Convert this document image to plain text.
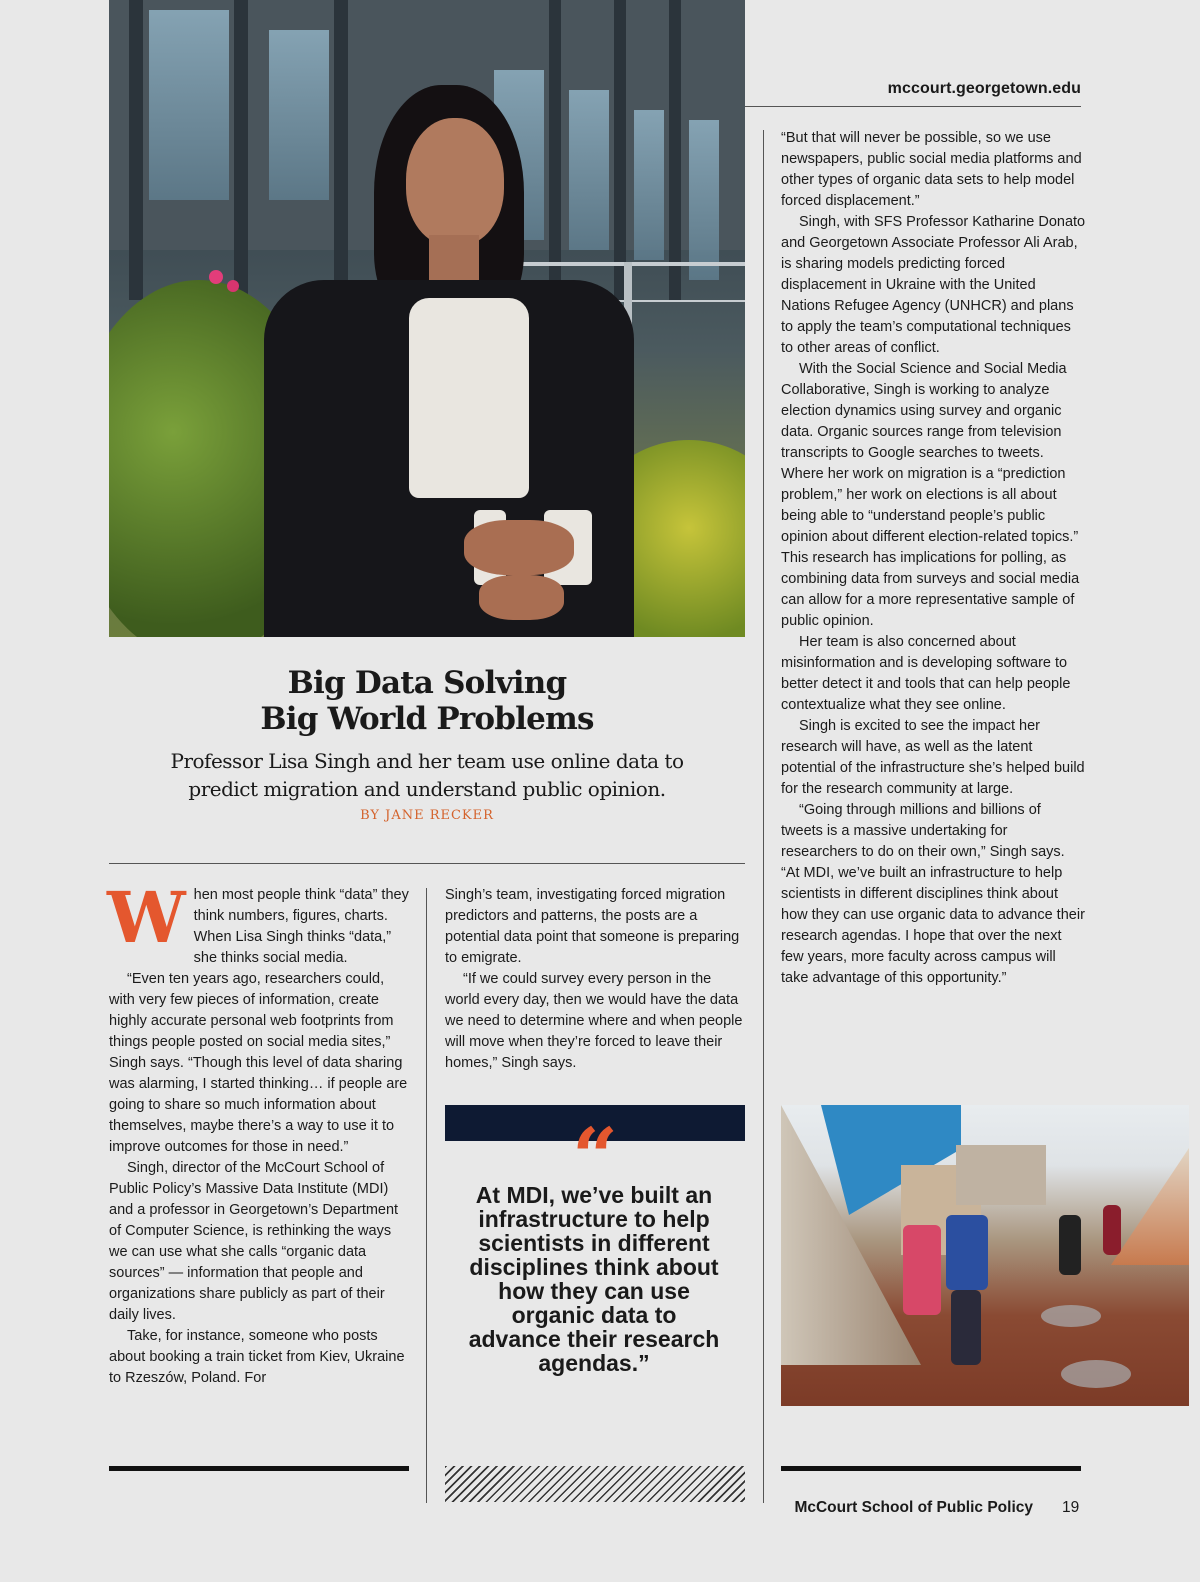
mccourt.georgetown.edu
Big Data Solving
Big World Problems
Professor Lisa Singh and her team use online data to
predict migration and understand public opinion.
BY JANE RECKER
W hen most people think “data” they think numbers, figures, charts. When Lisa Singh thinks “data,” she thinks social media.

“Even ten years ago, researchers could, with very few pieces of information, create highly accurate personal web footprints from things people posted on social media sites,” Singh says. “Though this level of data sharing was alarming, I started thinking… if people are going to share so much information about themselves, maybe there’s a way to use it to improve outcomes for those in need.”

Singh, director of the McCourt School of Public Policy’s Massive Data Institute (MDI) and a professor in Georgetown’s Department of Computer Science, is rethinking the ways we can use what she calls “organic data sources” — information that people and organizations share publicly as part of their daily lives.

Take, for instance, someone who posts about booking a train ticket from Kiev, Ukraine to Rzeszów, Poland. For

Singh’s team, investigating forced migration predictors and patterns, the posts are a potential data point that someone is preparing to emigrate.

“If we could survey every person in the world every day, then we would have the data we need to determine where and when people will move when they’re forced to leave their homes,” Singh says.

“But that will never be possible, so we use newspapers, public social media platforms and other types of organic data sets to help model forced displacement.”

Singh, with SFS Professor Katharine Donato and Georgetown Associate Professor Ali Arab, is sharing models predicting forced displacement in Ukraine with the United Nations Refugee Agency (UNHCR) and plans to apply the team’s computational techniques to other areas of conflict.

With the Social Science and Social Media Collaborative, Singh is working to analyze election dynamics using survey and organic data. Organic sources range from television transcripts to Google searches to tweets. Where her work on migration is a “prediction problem,” her work on elections is all about being able to “understand people’s public opinion about different election-related topics.” This research has implications for polling, as combining data from surveys and social media can allow for a more representative sample of public opinion.

Her team is also concerned about misinformation and is developing software to better detect it and tools that can help people contextualize what they see online.

Singh is excited to see the impact her research will have, as well as the latent potential of the infrastructure she’s helped build for the research community at large.

“Going through millions and billions of tweets is a massive undertaking for researchers to do on their own,” Singh says. “At MDI, we’ve built an infrastructure to help scientists in different disciplines think about how they can use organic data to advance their research agendas. I hope that over the next few years, more faculty across campus will take advantage of this opportunity.”

“
At MDI, we’ve built an infrastructure to help scientists in different disciplines think about how they can use organic data to advance their research agendas.”
McCourt School of Public Policy 19
